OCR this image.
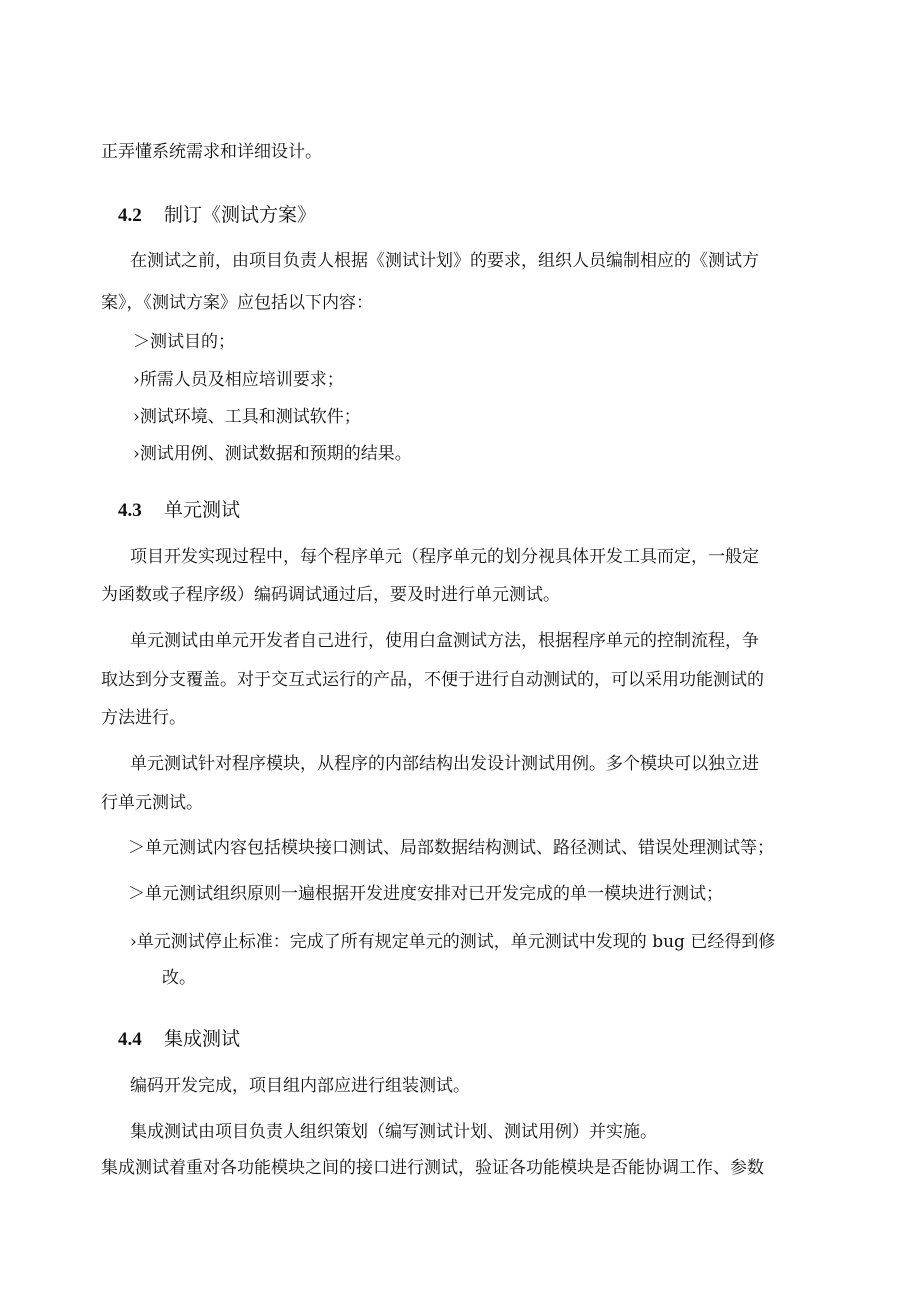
正弄懂系统需求和详细设计。
4.2 制订《测试方案》
在测试之前，由项目负责人根据《测试计划》的要求，组织人员编制相应的《测试方
案》，《测试方案》应包括以下内容：
＞测试目的；
›所需人员及相应培训要求；
›测试环境、工具和测试软件；
›测试用例、测试数据和预期的结果。
4.3 单元测试
项目开发实现过程中，每个程序单元（程序单元的划分视具体开发工具而定，一般定
为函数或子程序级）编码调试通过后，要及时进行单元测试。
单元测试由单元开发者自己进行，使用白盒测试方法，根据程序单元的控制流程，争
取达到分支覆盖。对于交互式运行的产品，不便于进行自动测试的，可以采用功能测试的
方法进行。
单元测试针对程序模块，从程序的内部结构出发设计测试用例。多个模块可以独立进
行单元测试。
＞单元测试内容包括模块接口测试、局部数据结构测试、路径测试、错误处理测试等；
＞单元测试组织原则一遍根据开发进度安排对已开发完成的单一模块进行测试；
›单元测试停止标准：完成了所有规定单元的测试，单元测试中发现的 bug 已经得到修
改。
4.4 集成测试
编码开发完成，项目组内部应进行组装测试。
集成测试由项目负责人组织策划（编写测试计划、测试用例）并实施。
集成测试着重对各功能模块之间的接口进行测试，验证各功能模块是否能协调工作、参数
